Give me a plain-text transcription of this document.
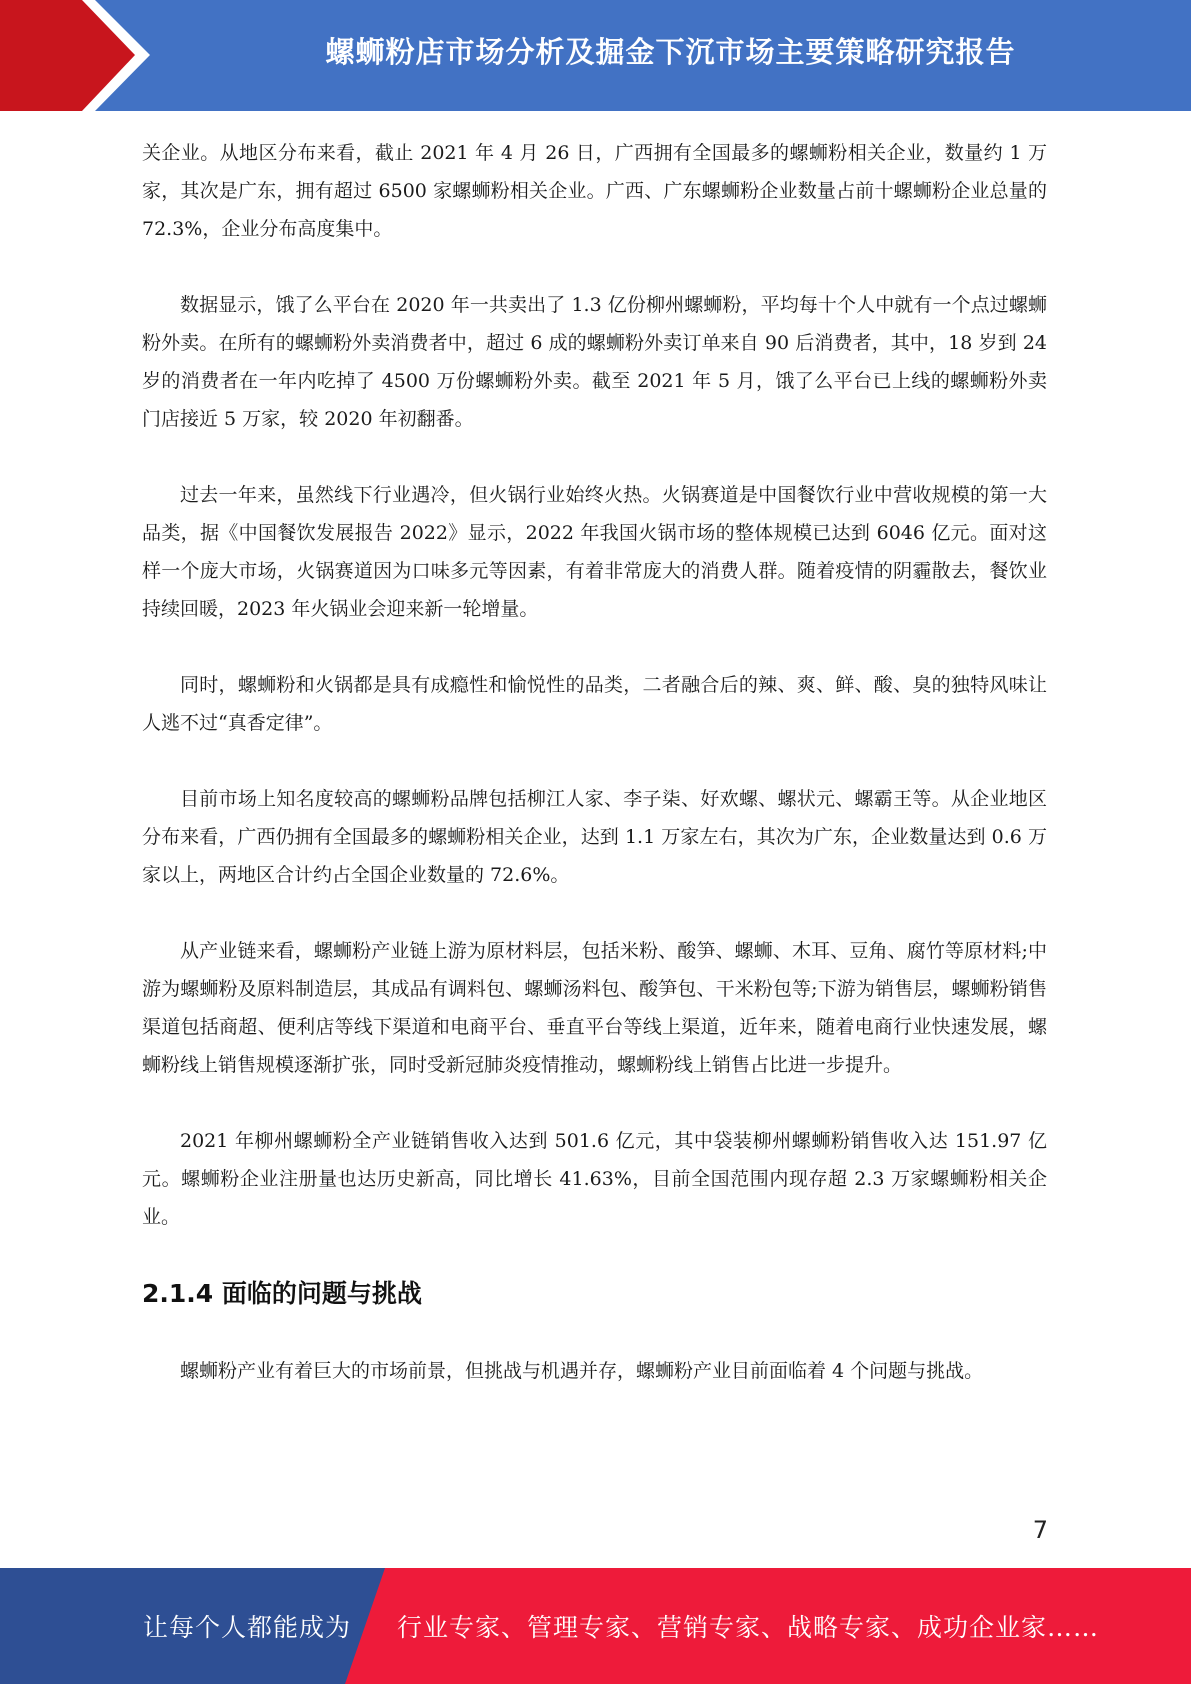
螺蛳粉店市场分析及掘金下沉市场主要策略研究报告

关企业。从地区分布来看，截止 2021 年 4 月 26 日，广西拥有全国最多的螺蛳粉相关企业，数量约 1 万家，其次是广东，拥有超过 6500 家螺蛳粉相关企业。广西、广东螺蛳粉企业数量占前十螺蛳粉企业总量的 72.3%，企业分布高度集中。

数据显示，饿了么平台在 2020 年一共卖出了 1.3 亿份柳州螺蛳粉，平均每十个人中就有一个点过螺蛳粉外卖。在所有的螺蛳粉外卖消费者中，超过 6 成的螺蛳粉外卖订单来自 90 后消费者，其中，18 岁到 24 岁的消费者在一年内吃掉了 4500 万份螺蛳粉外卖。截至 2021 年 5 月，饿了么平台已上线的螺蛳粉外卖门店接近 5 万家，较 2020 年初翻番。

过去一年来，虽然线下行业遇冷，但火锅行业始终火热。火锅赛道是中国餐饮行业中营收规模的第一大品类，据《中国餐饮发展报告 2022》显示，2022 年我国火锅市场的整体规模已达到 6046 亿元。面对这样一个庞大市场，火锅赛道因为口味多元等因素，有着非常庞大的消费人群。随着疫情的阴霾散去，餐饮业持续回暖，2023 年火锅业会迎来新一轮增量。

同时，螺蛳粉和火锅都是具有成瘾性和愉悦性的品类，二者融合后的辣、爽、鲜、酸、臭的独特风味让人逃不过“真香定律”。

目前市场上知名度较高的螺蛳粉品牌包括柳江人家、李子柒、好欢螺、螺状元、螺霸王等。从企业地区分布来看，广西仍拥有全国最多的螺蛳粉相关企业，达到 1.1 万家左右，其次为广东，企业数量达到 0.6 万家以上，两地区合计约占全国企业数量的 72.6%。

从产业链来看，螺蛳粉产业链上游为原材料层，包括米粉、酸笋、螺蛳、木耳、豆角、腐竹等原材料;中游为螺蛳粉及原料制造层，其成品有调料包、螺蛳汤料包、酸笋包、干米粉包等;下游为销售层，螺蛳粉销售渠道包括商超、便利店等线下渠道和电商平台、垂直平台等线上渠道，近年来，随着电商行业快速发展，螺蛳粉线上销售规模逐渐扩张，同时受新冠肺炎疫情推动，螺蛳粉线上销售占比进一步提升。

2021 年柳州螺蛳粉全产业链销售收入达到 501.6 亿元，其中袋装柳州螺蛳粉销售收入达 151.97 亿元。螺蛳粉企业注册量也达历史新高，同比增长 41.63%，目前全国范围内现存超 2.3 万家螺蛳粉相关企业。

2.1.4 面临的问题与挑战

螺蛳粉产业有着巨大的市场前景，但挑战与机遇并存，螺蛳粉产业目前面临着 4 个问题与挑战。

7
让每个人都能成为 行业专家、管理专家、营销专家、战略专家、成功企业家……
